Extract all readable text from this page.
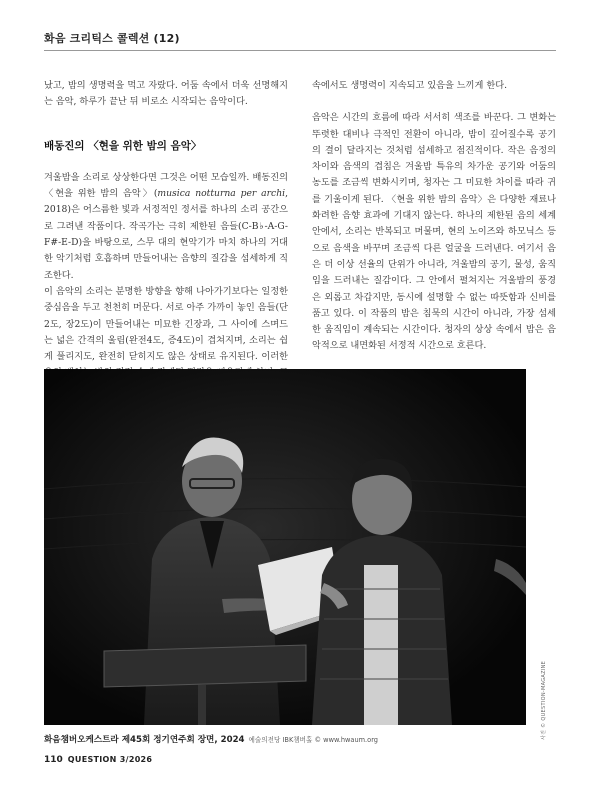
화음 크리틱스 콜렉션 (12)

났고, 밤의 생명력을 먹고 자랐다. 어둠 속에서 더욱 선명해지는 음악, 하루가 끝난 뒤 비로소 시작되는 음악이다.

배동진의 〈현을 위한 밤의 음악〉

겨울밤을 소리로 상상한다면 그것은 어떤 모습일까. 배동진의 〈현을 위한 밤의 음악〉(musica notturna per archi, 2018)은 어스름한 빛과 서정적인 정서를 하나의 소리 공간으로 그려낸 작품이다. 작곡가는 극히 제한된 음들(C-B♭-A-G-F#-E-D)을 바탕으로, 스무 대의 현악기가 마치 하나의 거대한 악기처럼 호흡하며 만들어내는 음향의 질감을 섬세하게 직조한다.

이 음악의 소리는 분명한 방향을 향해 나아가기보다는 일정한 중심음을 두고 천천히 머문다. 서로 아주 가까이 놓인 음들(단2도, 장2도)이 만들어내는 미묘한 긴장과, 그 사이에 스며드는 넓은 간격의 울림(완전4도, 증4도)이 겹쳐지며, 소리는 쉽게 풀리지도, 완전히 닫히지도 않은 상태로 유지된다. 이러한

속에서도 생명력이 지속되고 있음을 느끼게 한다.

음악은 시간의 흐름에 따라 서서히 색조를 바꾼다. 그 변화는 뚜렷한 대비나 극적인 전환이 아니라, 밤이 깊어질수록 공기의 결이 달라지는 것처럼 섬세하고 점진적이다. 작은 음정의 차이와 음색의 겹침은 겨울밤 특유의 차가운 공기와 어둠의 농도를 조금씩 변화시키며, 청자는 그 미묘한 차이를 따라 귀를 기울이게 된다. 〈현을 위한 밤의 음악〉은 다양한 재료나 화려한 음향 효과에 기대지 않는다. 하나의 제한된 음의 세계 안에서, 소리는 반복되고 머물며, 현의 노이즈와 하모닉스 등으로 음색을 바꾸며 조금씩 다른 얼굴을 드러낸다. 여기서 음은 더 이상 선율의 단위가 아니라, 겨울밤의 공기, 물성, 움직임을 드러내는 질감이다. 그 안에서 펼쳐지는 겨울밤의 풍경은 외롭고 차갑지만, 동시에 설명할 수 없는 따뜻함과 신비를 품고 있다. 이 작품의 밤은 침묵의 시간이 아니라, 가장 섬세한 움직임이 계속되는 시간이다. 청자의 상상 속에서 밤은 음악적으로 내면화된 서정적 시간으로 흐른다.

사진 © QUESTION-MAGAZINE
화음챔버오케스트라 제45회 정기연주회 장면, 2024 예술의전당 IBK챔버홀 © www.hwaum.org
110 QUESTION 3/2026
